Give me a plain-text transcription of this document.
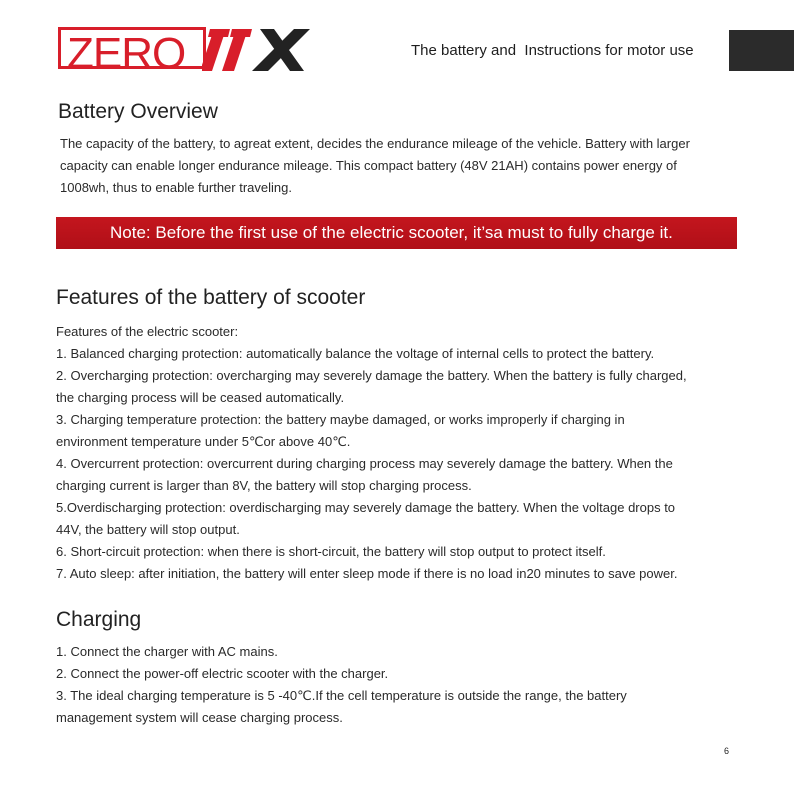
ZERO	The battery and  Instructions for motor use
Battery Overview
The capacity of the battery, to agreat extent, decides the endurance mileage of the vehicle. Battery with larger
capacity can enable longer endurance mileage. This compact battery (48V 21AH) contains power energy of
1008wh, thus to enable further traveling.
Note: Before the first use of the electric scooter, it’sa must to fully charge it.
Features of the battery of scooter
Features of the electric scooter:
1. Balanced charging protection: automatically balance the voltage of internal cells to protect the battery.
2. Overcharging protection: overcharging may severely damage the battery. When the battery is fully charged,
the charging process will be ceased automatically.
3. Charging temperature protection: the battery maybe damaged, or works improperly if charging in
environment temperature under 5℃or above 40℃.
4. Overcurrent protection: overcurrent during charging process may severely damage the battery. When the
charging current is larger than 8V, the battery will stop charging process.
5.Overdischarging protection: overdischarging may severely damage the battery. When the voltage drops to
44V, the battery will stop output.
6. Short-circuit protection: when there is short-circuit, the battery will stop output to protect itself.
7. Auto sleep: after initiation, the battery will enter sleep mode if there is no load in20 minutes to save power.
Charging
1. Connect the charger with AC mains.
2. Connect the power-off electric scooter with the charger.
3. The ideal charging temperature is 5 -40℃.If the cell temperature is outside the range, the battery
management system will cease charging process.
6
